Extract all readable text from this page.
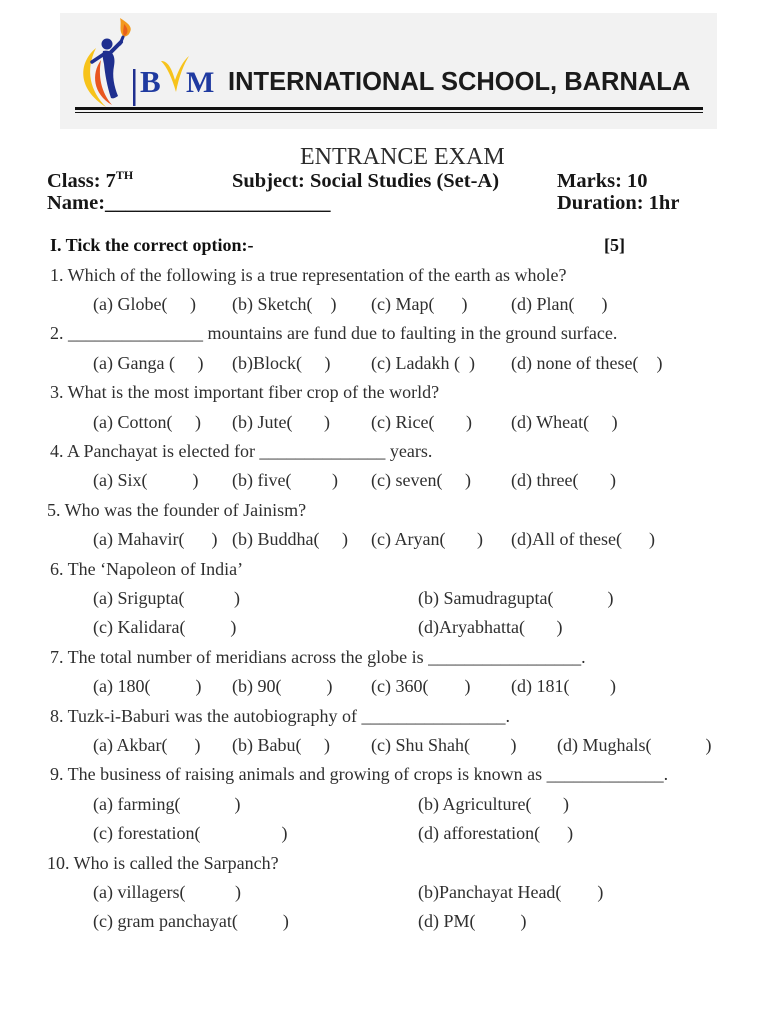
B M INTERNATIONAL SCHOOL, BARNALA
ENTRANCE EXAM
Class: 7TH	Subject: Social Studies (Set-A)	Marks: 10
Name:______________________	Duration: 1hr
I. Tick the correct option:-	[5]
1. Which of the following is a true representation of the earth as whole?
(a) Globe(     ) (b) Sketch(    ) (c) Map(      ) (d) Plan(      )
2. _______________ mountains are fund due to faulting in the ground surface.
(a) Ganga (     ) (b)Block(     ) (c) Ladakh (  ) (d) none of these(    )
3. What is the most important fiber crop of the world?
(a) Cotton(     ) (b) Jute(       ) (c) Rice(       ) (d) Wheat(     )
4. A Panchayat is elected for ______________ years.
(a) Six(          ) (b) five(         ) (c) seven(     ) (d) three(       )
5. Who was the founder of Jainism?
(a) Mahavir(      ) (b) Buddha(     ) (c) Aryan(       ) (d)All of these(      )
6. The ‘Napoleon of India’
(a) Srigupta(           )	(b) Samudragupta(            )
(c) Kalidara(          )	(d)Aryabhatta(       )
7. The total number of meridians across the globe is _________________.
(a) 180(          ) (b) 90(          ) (c) 360(        ) (d) 181(         )
8. Tuzk-i-Baburi was the autobiography of ________________.
(a) Akbar(      ) (b) Babu(     ) (c) Shu Shah(         ) (d) Mughals(            )
9. The business of raising animals and growing of crops is known as _____________.
(a) farming(            )	(b) Agriculture(       )
(c) forestation(                  )	(d) afforestation(      )
10. Who is called the Sarpanch?
(a) villagers(           )	(b)Panchayat Head(        )
(c) gram panchayat(          )	(d) PM(          )
